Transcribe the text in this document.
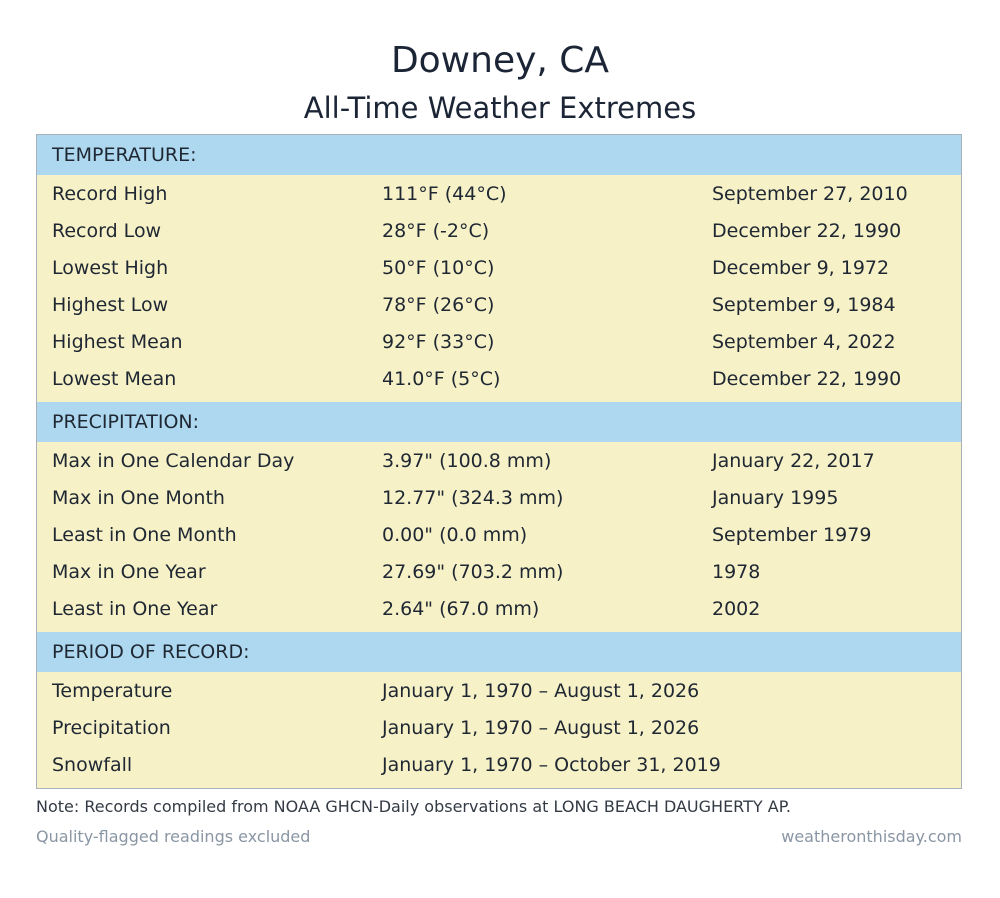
Downey, CA
All-Time Weather Extremes
TEMPERATURE:
Record High	111°F (44°C)	September 27, 2010
Record Low	28°F (-2°C)	December 22, 1990
Lowest High	50°F (10°C)	December 9, 1972
Highest Low	78°F (26°C)	September 9, 1984
Highest Mean	92°F (33°C)	September 4, 2022
Lowest Mean	41.0°F (5°C)	December 22, 1990
PRECIPITATION:
Max in One Calendar Day	3.97" (100.8 mm)	January 22, 2017
Max in One Month	12.77" (324.3 mm)	January 1995
Least in One Month	0.00" (0.0 mm)	September 1979
Max in One Year	27.69" (703.2 mm)	1978
Least in One Year	2.64" (67.0 mm)	2002
PERIOD OF RECORD:
Temperature	January 1, 1970 – August 1, 2026
Precipitation	January 1, 1970 – August 1, 2026
Snowfall	January 1, 1970 – October 31, 2019
Note: Records compiled from NOAA GHCN-Daily observations at LONG BEACH DAUGHERTY AP.
Quality-flagged readings excluded	weatheronthisday.com
